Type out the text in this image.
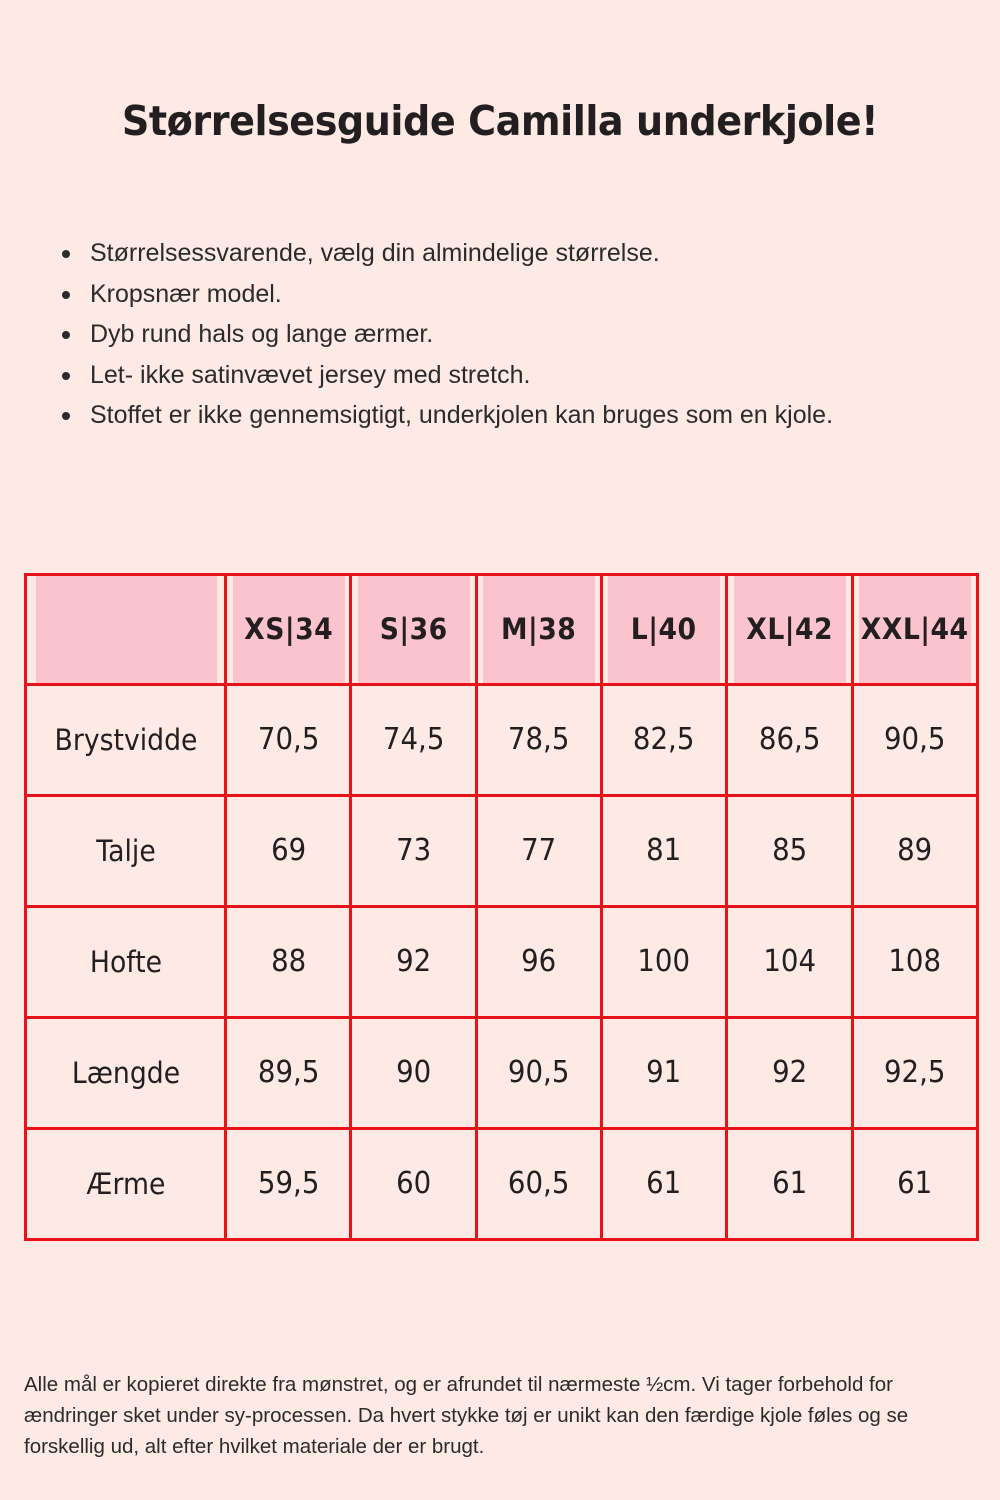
Størrelsesguide Camilla underkjole!
Størrelsessvarende, vælg din almindelige størrelse.
Kropsnær model.
Dyb rund hals og lange ærmer.
Let- ikke satinvævet jersey med stretch.
Stoffet er ikke gennemsigtigt, underkjolen kan bruges som en kjole.
	XS|34	S|36	M|38	L|40	XL|42	XXL|44
Brystvidde	70,5	74,5	78,5	82,5	86,5	90,5
Talje	69	73	77	81	85	89
Hofte	88	92	96	100	104	108
Længde	89,5	90	90,5	91	92	92,5
Ærme	59,5	60	60,5	61	61	61

Alle mål er kopieret direkte fra mønstret, og er afrundet til nærmeste ½cm. Vi tager forbehold for ændringer sket under sy-processen. Da hvert stykke tøj er unikt kan den færdige kjole føles og se forskellig ud, alt efter hvilket materiale der er brugt.
